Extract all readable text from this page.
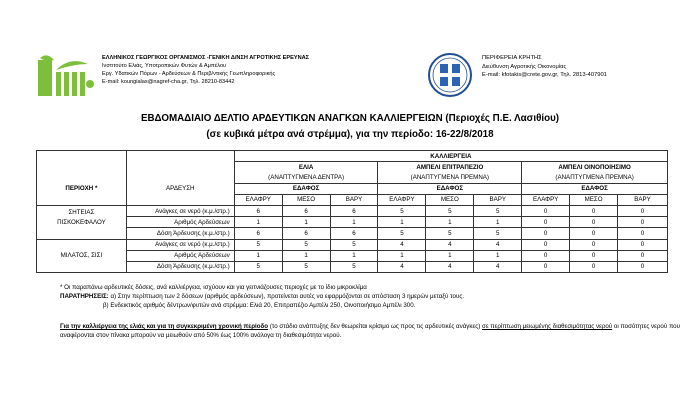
ΕΛΛΗΝΙΚΟΣ ΓΕΩΡΓΙΚΟΣ ΟΡΓΑΝΙΣΜΟΣ -ΓΕΝΙΚΗ Δ/ΝΣΗ ΑΓΡΟΤΙΚΗΣ ΕΡΕΥΝΑΣ
Ινστιτούτο Ελιάς, Υποτροπικών Φυτών & Αμπέλου
Εργ. Υδατικών Πόρων - Αρδεύσεων & Περιβ/ντικής Γεωπληροφορικής
E-mail: koungialas@nagref-cha.gr, Τηλ. 28210-83442
ΠΕΡΙΦΕΡΕΙΑ ΚΡΗΤΗΣ
Διεύθυνση Αγροτικής Οικονομίας
E-mail: kfotakis@crete.gov.gr, Τηλ. 2813-407901
ΕΒΔΟΜΑΔΙΑΙΟ ΔΕΛΤΙΟ ΑΡΔΕΥΤΙΚΩΝ ΑΝΑΓΚΩΝ ΚΑΛΛΙΕΡΓΕΙΩΝ (Περιοχές Π.Ε. Λασιθίου)
(σε κυβικά μέτρα ανά στρέμμα), για την περίοδο: 16-22/8/2018
		ΚΑΛΛΙΕΡΓΕΙΑ								
		ΕΛΙΑ			ΑΜΠΕΛΙ ΕΠΙΤΡΑΠΕΖΙΟ			ΑΜΠΕΛΙ ΟΙΝΟΠΟΙΗΣΙΜΟ		
		(ΑΝΑΠΤΥΓΜΕΝΑ ΔΕΝΤΡΑ)			(ΑΝΑΠΤΥΓΜΕΝΑ ΠΡΕΜΝΑ)			(ΑΝΑΠΤΥΓΜΕΝΑ ΠΡΕΜΝΑ)		
ΠΕΡΙΟΧΗ *	ΑΡΔΕΥΣΗ	ΕΔΑΦΟΣ			ΕΔΑΦΟΣ			ΕΔΑΦΟΣ		
		ΕΛΑΦΡΥ	ΜΕΣΟ	ΒΑΡΥ	ΕΛΑΦΡΥ	ΜΕΣΟ	ΒΑΡΥ	ΕΛΑΦΡΥ	ΜΕΣΟ	ΒΑΡΥ
ΣΗΤΕΙΑΣ	Ανάγκες σε νερό (κ.μ./στρ.)	6	6	6	5	5	5	0	0	0
ΠΙΣΚΟΚΕΦΑΛΟΥ	Αριθμός Αρδεύσεων	1	1	1	1	1	1	0	0	0
	Δόση Άρδευσης (κ.μ./στρ.)	6	6	6	5	5	5	0	0	0
	Ανάγκες σε νερό (κ.μ./στρ.)	5	5	5	4	4	4	0	0	0
ΜΙΛΑΤΟΣ, ΣΙΣΙ	Αριθμός Αρδεύσεων	1	1	1	1	1	1	0	0	0
	Δόση Άρδευσης (κ.μ./στρ.)	5	5	5	4	4	4	0	0	0
* Οι παραπάνω αρδευτικές δόσεις, ανά καλλιέργεια, ισχύουν και για γειτνιάζουσες περιοχές με το ίδιο μικροκλίμα
ΠΑΡΑΤΗΡΗΣΕΙΣ: α) Στην περίπτωση των 2 δόσεων (αριθμός αρδεύσεων), προτείνεται αυτές να εφαρμόζονται σε απόσταση 3 ημερών μεταξύ τους.
β) Ενδεικτικός αριθμός δέντρων/φυτών ανά στρέμμα: Ελιά 20, Επιτραπέζιο Αμπέλι 250, Οινοποιήσιμο Αμπέλι 300.
Για την καλλιέργεια της ελιάς και για τη συγκεκριμένη χρονική περίοδο (το στάδιο ανάπτυξης δεν θεωρείται κρίσιμο ως προς τις αρδευτικές ανάγκες) σε περίπτωση μειωμένης διαθεσιμότητας νερού οι ποσότητες νερού που αναφέρονται στον πίνακα μπορούν να μειωθούν από 50% έως 100% ανάλογα τη διαθεσιμότητα νερού.
